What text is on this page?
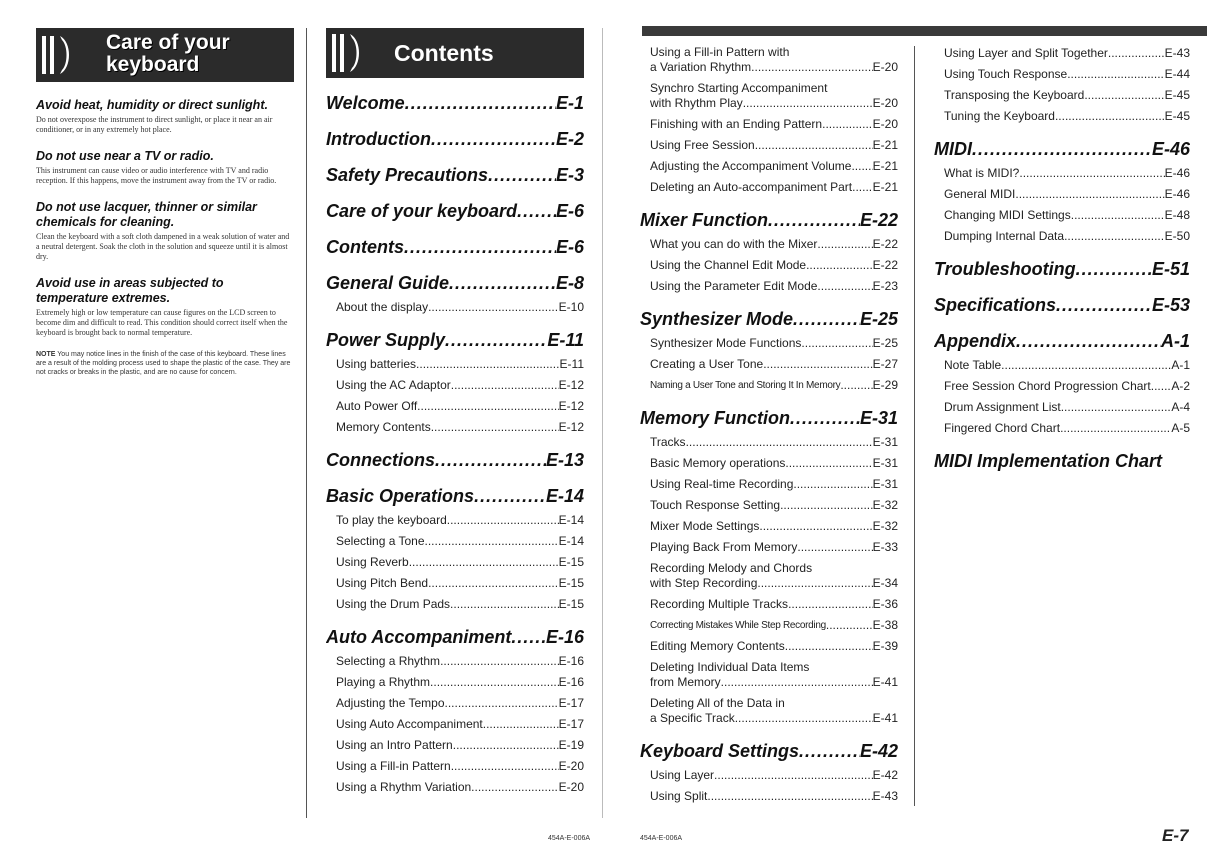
Care of your
keyboard
Avoid heat, humidity or direct sunlight.

Do not overexpose the instrument to direct sunlight, or place it near an air conditioner, or in any extremely hot place.

Do not use near a TV or radio.

This instrument can cause video or audio interference with TV and radio reception. If this happens, move the instrument away from the TV or radio.

Do not use lacquer, thinner or similar chemicals for cleaning.

Clean the keyboard with a soft cloth dampened in a weak solution of water and a neutral detergent. Soak the cloth in the solution and squeeze until it is almost dry.

Avoid use in areas subjected to temperature extremes.

Extremely high or low temperature can cause figures on the LCD screen to become dim and difficult to read. This condition should correct itself when the keyboard is brought back to normal temperature.

NOTE You may notice lines in the finish of the case of this keyboard. These lines are a result of the molding process used to shape the plastic of the case. They are not cracks or breaks in the plastic, and are no cause for concern.
Contents
Welcome .....	E-1
Introduction .....	E-2
Safety Precautions .....	E-3
Care of your keyboard ..... E-6
Contents .....	E-6
General Guide .....	E-8
About the display .....	E-10
Power Supply .....	E-11
Using batteries .....	E-11
Using the AC Adaptor .....	E-12
Auto Power Off .....	E-12
Memory Contents .....	E-12
Connections .....	E-13
Basic Operations .....	E-14
To play the keyboard .....	E-14
Selecting a Tone .....	E-14
Using Reverb .....	E-15
Using Pitch Bend .....	E-15
Using the Drum Pads .....	E-15
Auto Accompaniment ..... E-16
Selecting a Rhythm .....	E-16
Playing a Rhythm .....	E-16
Adjusting the Tempo .....	E-17
Using Auto Accompaniment .....	E-17
Using an Intro Pattern .....	E-19
Using a Fill-in Pattern .....	E-20
Using a Rhythm Variation .....	E-20
Using a Fill-in Pattern with
a Variation Rhythm .....	E-20
Synchro Starting Accompaniment
with Rhythm Play .....	E-20
Finishing with an Ending Pattern .....	E-20
Using Free Session .....	E-21
Adjusting the Accompaniment Volume ..... E-21
Deleting an Auto-accompaniment Part ..... E-21
Mixer Function .....	E-22
What you can do with the Mixer .....	E-22
Using the Channel Edit Mode .....	E-22
Using the Parameter Edit Mode .....	E-23
Synthesizer Mode .....	E-25
Synthesizer Mode Functions .....	E-25
Creating a User Tone .....	E-27
Naming a User Tone and Storing It In Memory .....	E-29
Memory Function .....	E-31
Tracks .....	E-31
Basic Memory operations .....	E-31
Using Real-time Recording .....	E-31
Touch Response Setting .....	E-32
Mixer Mode Settings .....	E-32
Playing Back From Memory .....	E-33
Recording Melody and Chords
with Step Recording .....	E-34
Recording Multiple Tracks .....	E-36
Correcting Mistakes While Step Recording .....	E-38
Editing Memory Contents .....	E-39
Deleting Individual Data Items
from Memory .....	E-41
Deleting All of the Data in
a Specific Track .....	E-41
Keyboard Settings .....	E-42
Using Layer .....	E-42
Using Split .....	E-43
Using Layer and Split Together .....	E-43
Using Touch Response .....	E-44
Transposing the Keyboard .....	E-45
Tuning the Keyboard .....	E-45
MIDI .....	E-46
What is MIDI? .....	E-46
General MIDI .....	E-46
Changing MIDI Settings .....	E-48
Dumping Internal Data .....	E-50
Troubleshooting .....	E-51
Specifications .....	E-53
Appendix .....	A-1
Note Table .....	A-1
Free Session Chord Progression Chart ..... A-2
Drum Assignment List .....	A-4
Fingered Chord Chart .....	A-5
MIDI Implementation Chart
454A-E-006A	454A-E-006A	E-7
